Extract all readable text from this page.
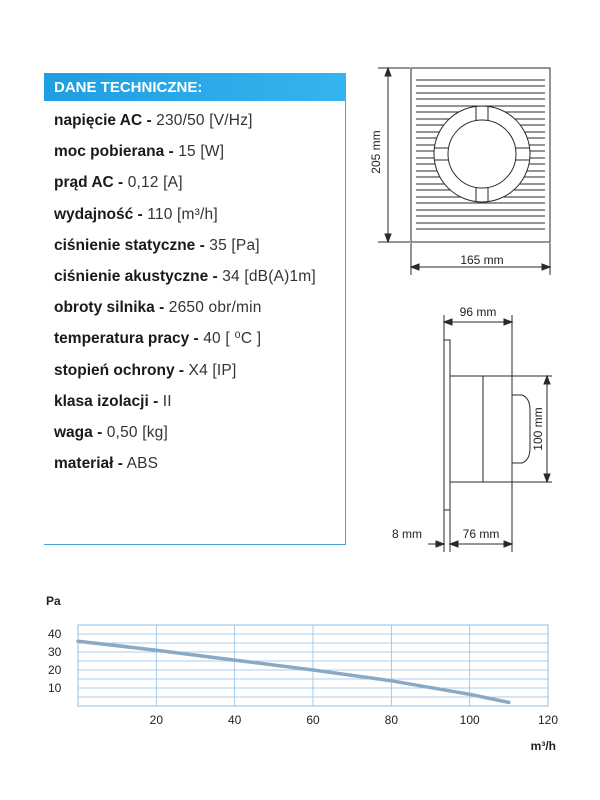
DANE TECHNICZNE:
napięcie AC - 230/50 [V/Hz]
moc pobierana - 15 [W]
prąd AC - 0,12 [A]
wydajność - 110 [m³/h]
ciśnienie statyczne - 35 [Pa]
ciśnienie akustyczne - 34 [dB(A)1m]
obroty silnika - 2650 obr/min
temperatura pracy - 40 [ ⁰C ]
stopień ochrony - X4 [IP]
klasa izolacji - II
waga - 0,50 [kg]
materiał - ABS
205 mm
165 mm
96 mm
100 mm
8 mm	76 mm
10
20
30
40
20	40	60	80	100	120
Pa
m³/h
